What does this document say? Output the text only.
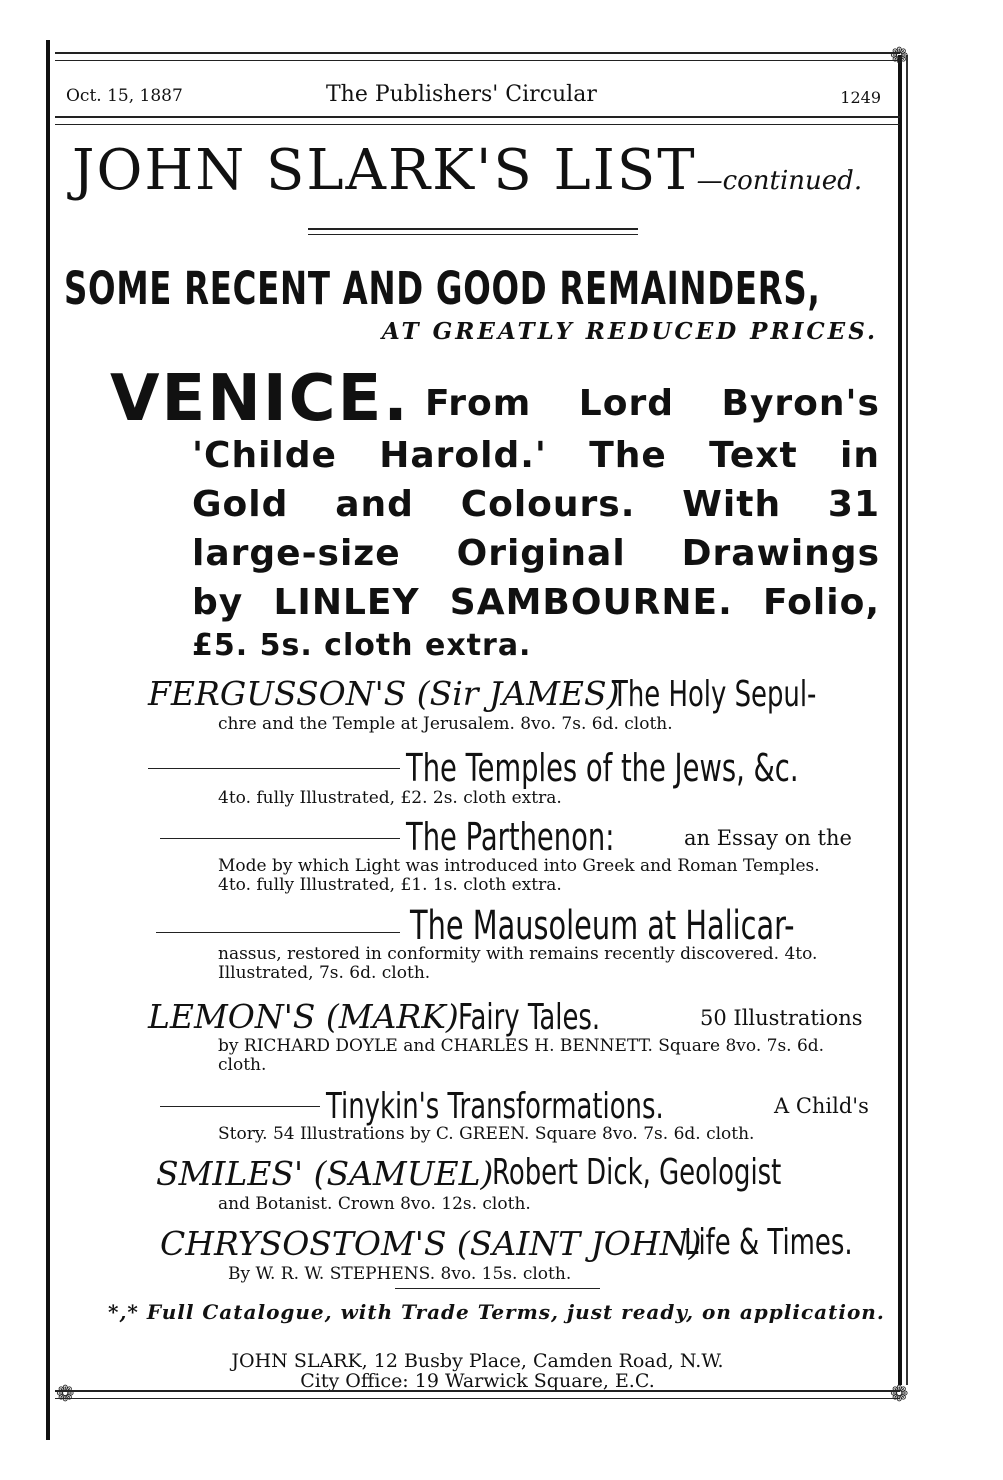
❁
Oct. 15, 1887	The Publishers' Circular	1249
JOHN SLARK'S LIST—continued.
SOME RECENT AND GOOD REMAINDERS,
AT GREATLY REDUCED PRICES.
VENICE. From Lord Byron's
'Childe Harold.' The Text in
Gold and Colours. With 31
large-size Original Drawings
by LINLEY SAMBOURNE. Folio,
£5. 5s. cloth extra.
FERGUSSON'S (Sir JAMES)
The Holy Sepul-
chre and the Temple at Jerusalem. 8vo. 7s. 6d. cloth.
The Temples of the Jews, &c.
4to. fully Illustrated, £2. 2s. cloth extra.
The Parthenon:	an Essay on the
Mode by which Light was introduced into Greek and Roman Temples.
4to. fully Illustrated, £1. 1s. cloth extra.
The Mausoleum at Halicar-
nassus, restored in conformity with remains recently discovered. 4to.
Illustrated, 7s. 6d. cloth.
LEMON'S (MARK) Fairy Tales.	50 Illustrations
by RICHARD DOYLE and CHARLES H. BENNETT. Square 8vo. 7s. 6d.
cloth.
Tinykin's Transformations.	A Child's
Story. 54 Illustrations by C. GREEN. Square 8vo. 7s. 6d. cloth.
SMILES' (SAMUEL)
Robert Dick, Geologist
and Botanist. Crown 8vo. 12s. cloth.
CHRYSOSTOM'S (SAINT JOHN)
Life & Times.
By W. R. W. STEPHENS. 8vo. 15s. cloth.
*,* Full Catalogue, with Trade Terms, just ready, on application.
JOHN SLARK, 12 Busby Place, Camden Road, N.W.
City Office: 19 Warwick Square, E.C.
❁	❁
